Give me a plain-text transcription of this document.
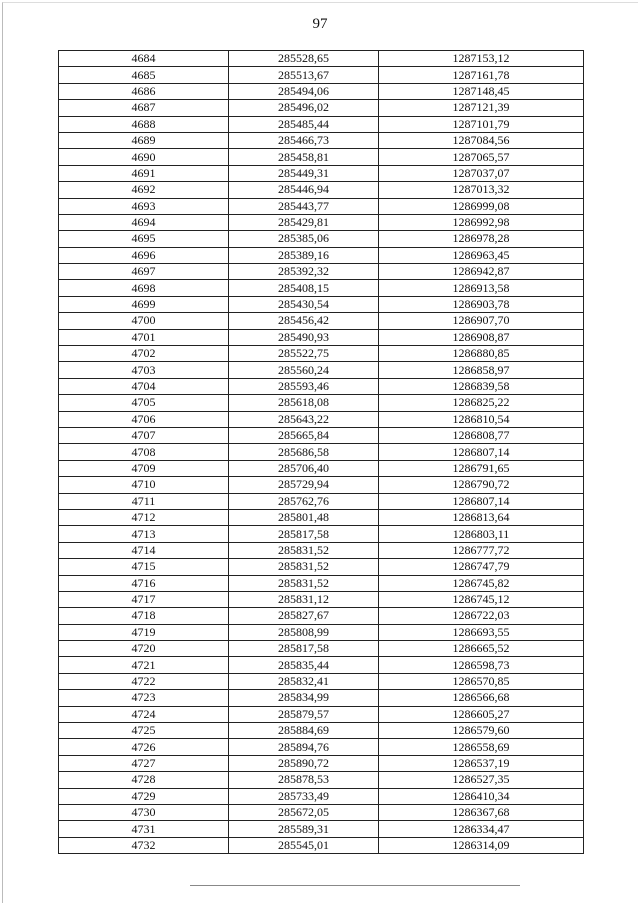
97
4684	285528,65	1287153,12
4685	285513,67	1287161,78
4686	285494,06	1287148,45
4687	285496,02	1287121,39
4688	285485,44	1287101,79
4689	285466,73	1287084,56
4690	285458,81	1287065,57
4691	285449,31	1287037,07
4692	285446,94	1287013,32
4693	285443,77	1286999,08
4694	285429,81	1286992,98
4695	285385,06	1286978,28
4696	285389,16	1286963,45
4697	285392,32	1286942,87
4698	285408,15	1286913,58
4699	285430,54	1286903,78
4700	285456,42	1286907,70
4701	285490,93	1286908,87
4702	285522,75	1286880,85
4703	285560,24	1286858,97
4704	285593,46	1286839,58
4705	285618,08	1286825,22
4706	285643,22	1286810,54
4707	285665,84	1286808,77
4708	285686,58	1286807,14
4709	285706,40	1286791,65
4710	285729,94	1286790,72
4711	285762,76	1286807,14
4712	285801,48	1286813,64
4713	285817,58	1286803,11
4714	285831,52	1286777,72
4715	285831,52	1286747,79
4716	285831,52	1286745,82
4717	285831,12	1286745,12
4718	285827,67	1286722,03
4719	285808,99	1286693,55
4720	285817,58	1286665,52
4721	285835,44	1286598,73
4722	285832,41	1286570,85
4723	285834,99	1286566,68
4724	285879,57	1286605,27
4725	285884,69	1286579,60
4726	285894,76	1286558,69
4727	285890,72	1286537,19
4728	285878,53	1286527,35
4729	285733,49	1286410,34
4730	285672,05	1286367,68
4731	285589,31	1286334,47
4732	285545,01	1286314,09
